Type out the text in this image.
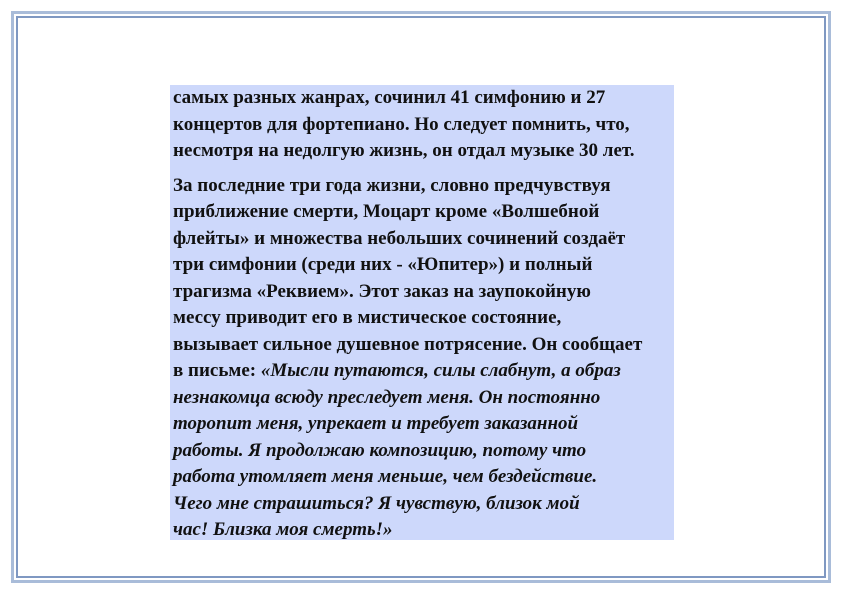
самых разных жанрах, сочинил 41 симфонию и 27
концертов для фортепиано. Но следует помнить, что,
несмотря на недолгую жизнь, он отдал музыке 30 лет.

За последние три года жизни, словно предчувствуя
приближение смерти, Моцарт кроме «Волшебной
флейты» и множества небольших сочинений создаёт
три симфонии (среди них - «Юпитер») и полный
трагизма «Реквием». Этот заказ на заупокойную
мессу приводит его в мистическое состояние,
вызывает сильное душевное потрясение. Он сообщает
в письме: «Мысли путаются, силы слабнут, а образ
незнакомца всюду преследует меня. Он постоянно
торопит меня, упрекает и требует заказанной
работы. Я продолжаю композицию, потому что
работа утомляет меня меньше, чем бездействие.
Чего мне страшиться? Я чувствую, близок мой
час! Близка моя смерть!»
